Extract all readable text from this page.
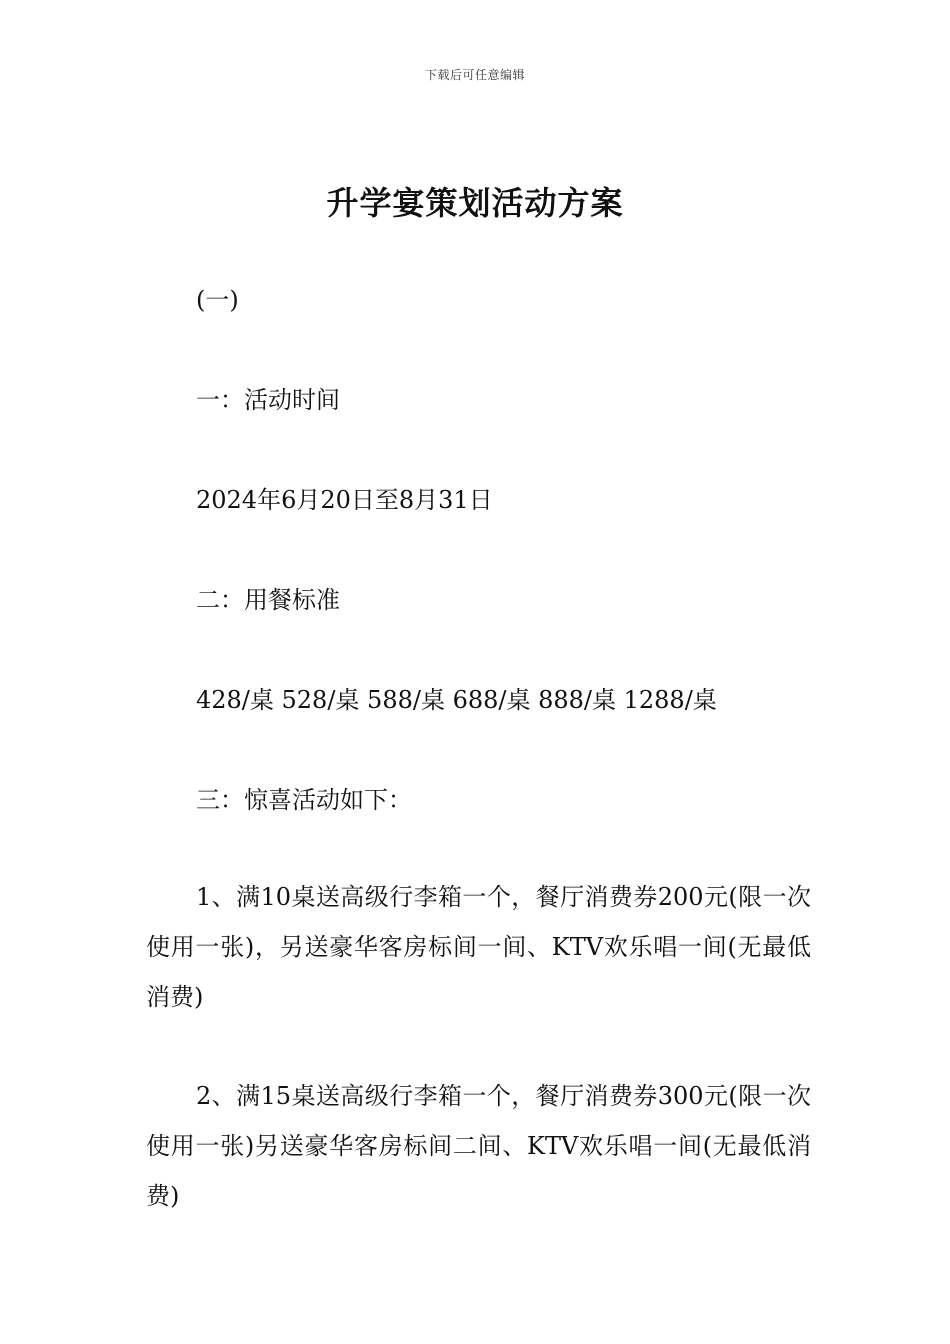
下载后可任意编辑
升学宴策划活动方案
(一)
一：活动时间
2024年6月20日至8月31日
二：用餐标准
428/桌 528/桌 588/桌 688/桌 888/桌 1288/桌
三：惊喜活动如下：
1、满10桌送高级行李箱一个，餐厅消费券200元(限一次使用一张)，另送豪华客房标间一间、KTV欢乐唱一间(无最低消费)
2、满15桌送高级行李箱一个，餐厅消费券300元(限一次使用一张)另送豪华客房标间二间、KTV欢乐唱一间(无最低消费)
